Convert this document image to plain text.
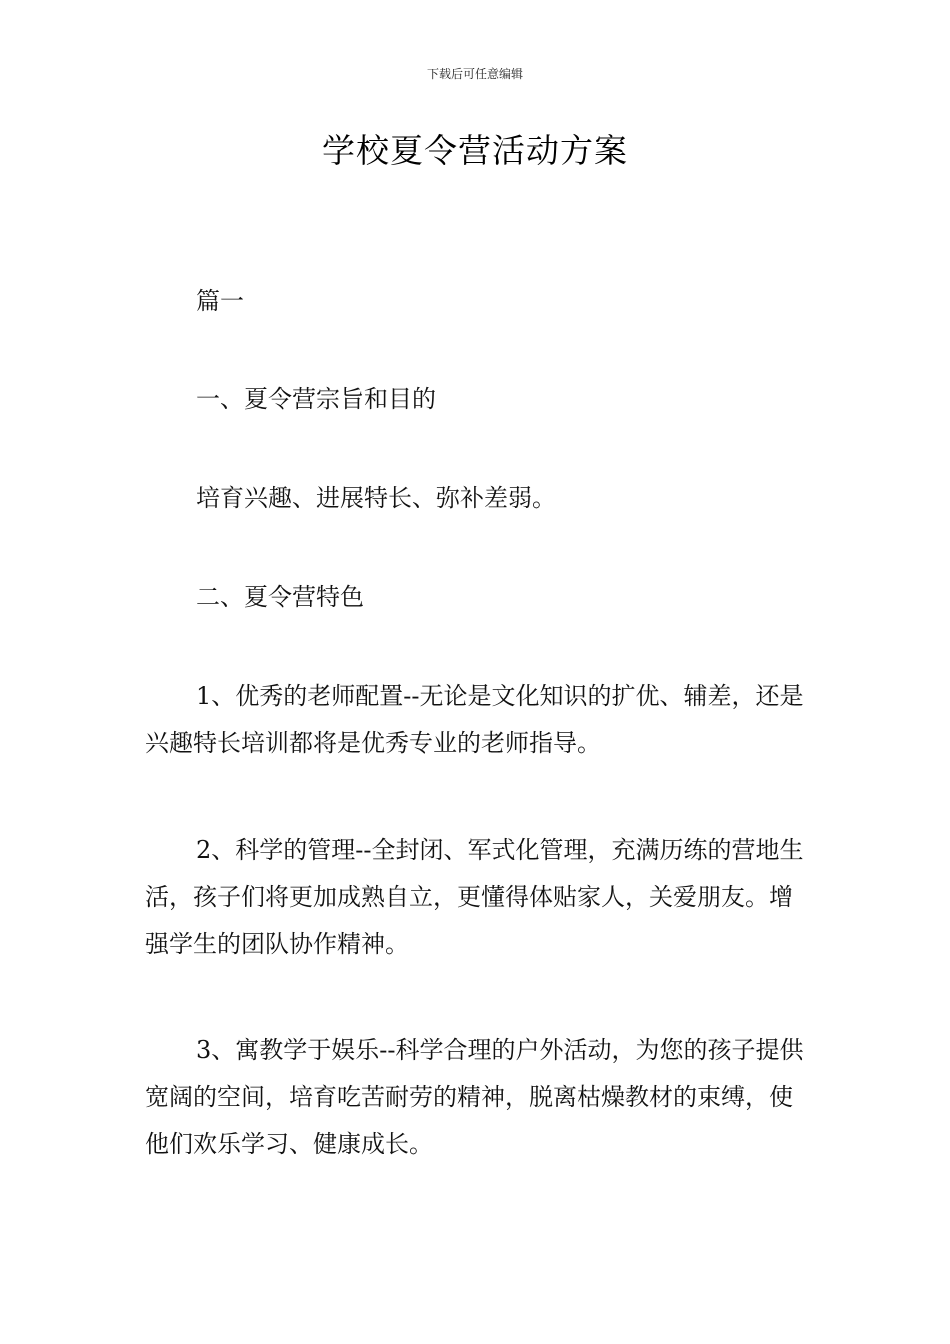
下载后可任意编辑
学校夏令营活动方案

篇一

一、夏令营宗旨和目的

培育兴趣、进展特长、弥补差弱。

二、夏令营特色

1、优秀的老师配置--无论是文化知识的扩优、辅差，还是兴趣特长培训都将是优秀专业的老师指导。

2、科学的管理--全封闭、军式化管理，充满历练的营地生活，孩子们将更加成熟自立，更懂得体贴家人，关爱朋友。增强学生的团队协作精神。

3、寓教学于娱乐--科学合理的户外活动，为您的孩子提供宽阔的空间，培育吃苦耐劳的精神，脱离枯燥教材的束缚，使他们欢乐学习、健康成长。
